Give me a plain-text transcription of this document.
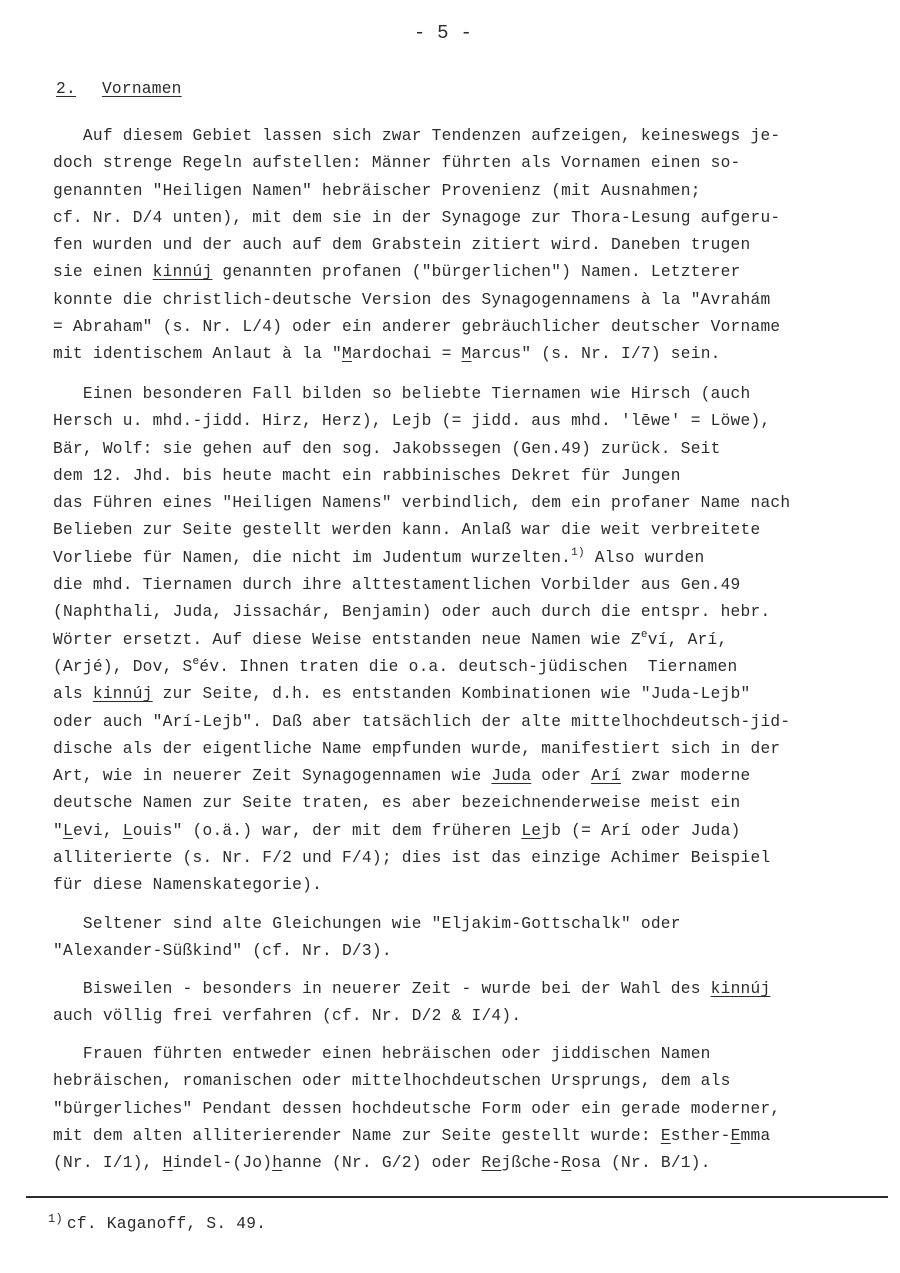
- 5 -
2. Vornamen
Auf diesem Gebiet lassen sich zwar Tendenzen aufzeigen, keineswegs je-
doch strenge Regeln aufstellen: Männer führten als Vornamen einen so-
genannten "Heiligen Namen" hebräischer Provenienz (mit Ausnahmen;
cf. Nr. D/4 unten), mit dem sie in der Synagoge zur Thora-Lesung aufgeru-
fen wurden und der auch auf dem Grabstein zitiert wird. Daneben trugen
sie einen kinnúj genannten profanen ("bürgerlichen") Namen. Letzterer
konnte die christlich-deutsche Version des Synagogennamens à la "Avrahám
= Abraham" (s. Nr. L/4) oder ein anderer gebräuchlicher deutscher Vorname
mit identischem Anlaut à la "Mardochai = Marcus" (s. Nr. I/7) sein.
Einen besonderen Fall bilden so beliebte Tiernamen wie Hirsch (auch
Hersch u. mhd.-jidd. Hirz, Herz), Lejb (= jidd. aus mhd. 'lēwe' = Löwe),
Bär, Wolf: sie gehen auf den sog. Jakobssegen (Gen.49) zurück. Seit
dem 12. Jhd. bis heute macht ein rabbinisches Dekret für Jungen
das Führen eines "Heiligen Namens" verbindlich, dem ein profaner Name nach
Belieben zur Seite gestellt werden kann. Anlaß war die weit verbreitete
Vorliebe für Namen, die nicht im Judentum wurzelten.$^{1)}$ Also wurden
die mhd. Tiernamen durch ihre alttestamentlichen Vorbilder aus Gen.49
(Naphthali, Juda, Jissachár, Benjamin) oder auch durch die entspr. hebr.
Wörter ersetzt. Auf diese Weise entstanden neue Namen wie $Z^eví$, Arí,
(Arjé), Dov, $S^eév$. Ihnen traten die o.a. deutsch-jüdischen  Tiernamen
als kinnúj zur Seite, d.h. es entstanden Kombinationen wie "Juda-Lejb"
oder auch "Arí-Lejb". Daß aber tatsächlich der alte mittelhochdeutsch-jid-
dische als der eigentliche Name empfunden wurde, manifestiert sich in der
Art, wie in neuerer Zeit Synagogennamen wie Juda oder Arí zwar moderne
deutsche Namen zur Seite traten, es aber bezeichnenderweise meist ein
"Levi, Louis" (o.ä.) war, der mit dem früheren Lejb (= Arí oder Juda)
alliterierte (s. Nr. F/2 und F/4); dies ist das einzige Achimer Beispiel
für diese Namenskategorie).
Seltener sind alte Gleichungen wie "Eljakim-Gottschalk" oder
"Alexander-Süßkind" (cf. Nr. D/3).
Bisweilen - besonders in neuerer Zeit - wurde bei der Wahl des kinnúj
auch völlig frei verfahren (cf. Nr. D/2 & I/4).
Frauen führten entweder einen hebräischen oder jiddischen Namen
hebräischen, romanischen oder mittelhochdeutschen Ursprungs, dem als
"bürgerliches" Pendant dessen hochdeutsche Form oder ein gerade moderner,
mit dem alten alliterierender Name zur Seite gestellt wurde: Esther-Emma
(Nr. I/1), Hindel-(Jo)hanne (Nr. G/2) oder Rejßche-Rosa (Nr. B/1).
$^{1)}$ cf. Kaganoff, S. 49.
